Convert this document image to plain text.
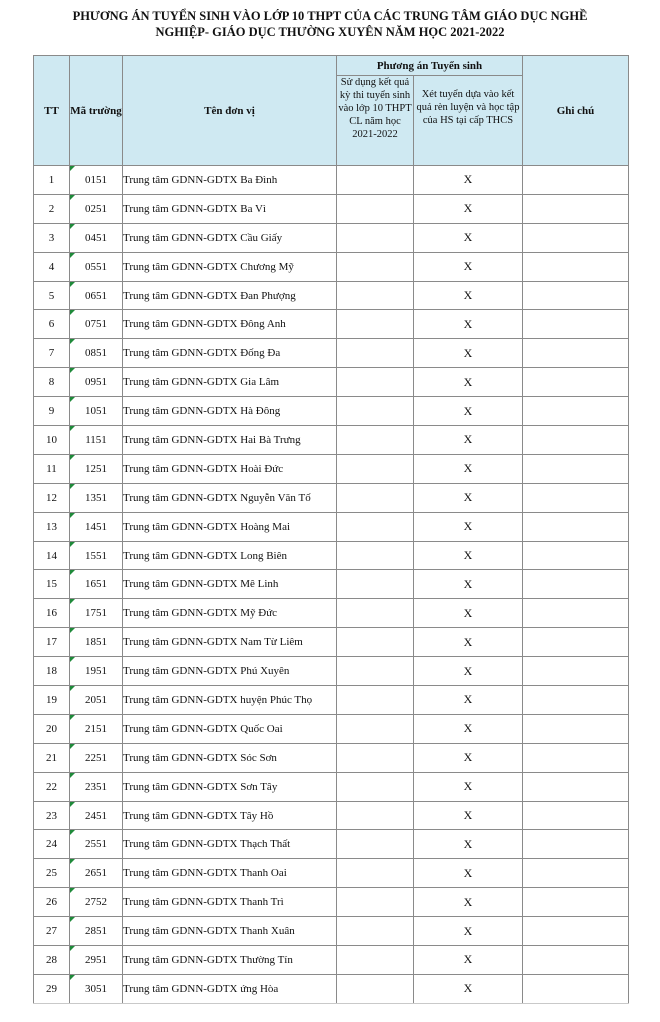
PHƯƠNG ÁN TUYỂN SINH VÀO LỚP 10 THPT CỦA CÁC TRUNG TÂM GIÁO DỤC NGHỀ
NGHIỆP- GIÁO DỤC THƯỜNG XUYÊN NĂM HỌC 2021-2022
TT	Mã trường	Tên đơn vị	Phương án Tuyển sinh		Ghi chú
			Sử dụng kết quả kỳ thi tuyển sinh vào lớp 10 THPT CL năm học 2021-2022	Xét tuyển dựa vào kết quả rèn luyện và học tập của HS tại cấp THCS	
1	0151	Trung tâm GDNN-GDTX Ba Đình		X	
2	0251	Trung tâm GDNN-GDTX Ba Vì		X	
3	0451	Trung tâm GDNN-GDTX Cầu Giấy		X	
4	0551	Trung tâm GDNN-GDTX Chương Mỹ		X	
5	0651	Trung tâm GDNN-GDTX Đan Phượng		X	
6	0751	Trung tâm GDNN-GDTX Đông Anh		X	
7	0851	Trung tâm GDNN-GDTX Đống Đa		X	
8	0951	Trung tâm GDNN-GDTX Gia Lâm		X	
9	1051	Trung tâm GDNN-GDTX Hà Đông		X	
10	1151	Trung tâm GDNN-GDTX Hai Bà Trưng		X	
11	1251	Trung tâm GDNN-GDTX Hoài Đức		X	
12	1351	Trung tâm GDNN-GDTX Nguyễn Văn Tố		X	
13	1451	Trung tâm GDNN-GDTX Hoàng Mai		X	
14	1551	Trung tâm GDNN-GDTX Long Biên		X	
15	1651	Trung tâm GDNN-GDTX Mê Linh		X	
16	1751	Trung tâm GDNN-GDTX Mỹ Đức		X	
17	1851	Trung tâm GDNN-GDTX Nam Từ Liêm		X	
18	1951	Trung tâm GDNN-GDTX Phú Xuyên		X	
19	2051	Trung tâm GDNN-GDTX huyện Phúc Thọ		X	
20	2151	Trung tâm GDNN-GDTX Quốc Oai		X	
21	2251	Trung tâm GDNN-GDTX Sóc Sơn		X	
22	2351	Trung tâm GDNN-GDTX Sơn Tây		X	
23	2451	Trung tâm GDNN-GDTX Tây Hồ		X	
24	2551	Trung tâm GDNN-GDTX Thạch Thất		X	
25	2651	Trung tâm GDNN-GDTX Thanh Oai		X	
26	2752	Trung tâm GDNN-GDTX Thanh Trì		X	
27	2851	Trung tâm GDNN-GDTX Thanh Xuân		X	
28	2951	Trung tâm GDNN-GDTX Thường Tín		X	
29	3051	Trung tâm GDNN-GDTX ứng Hòa		X	
